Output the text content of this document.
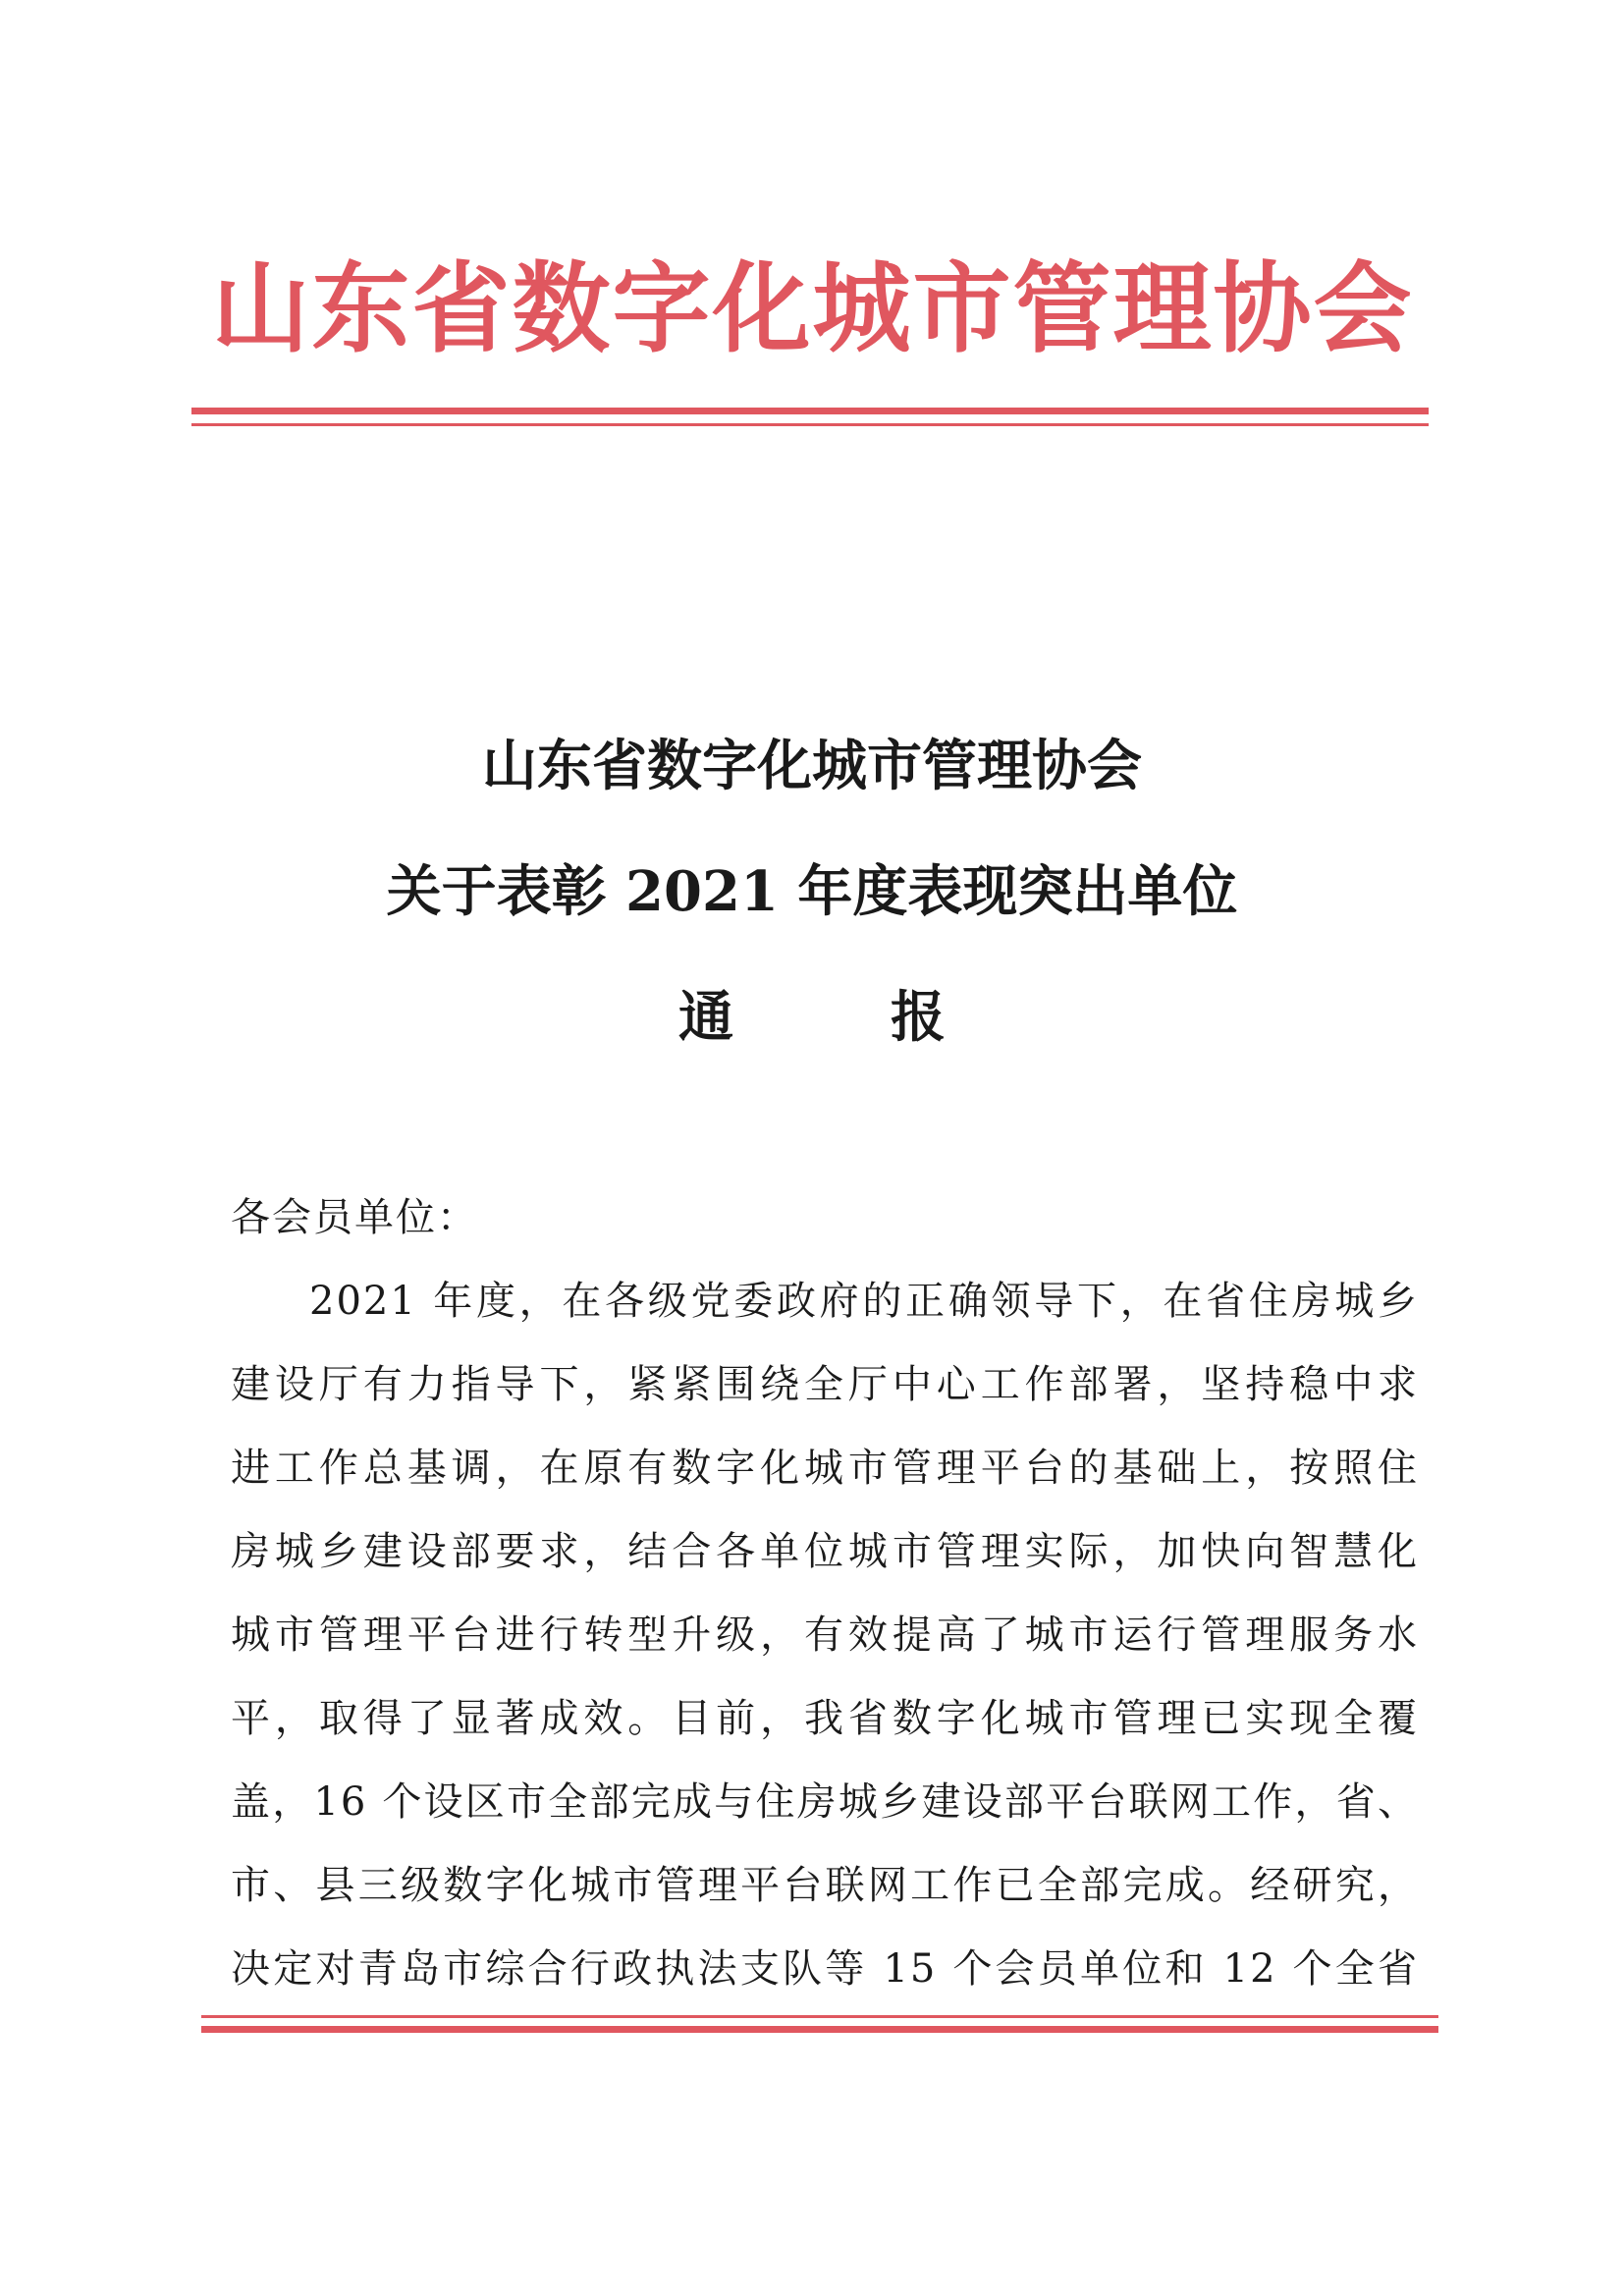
山东省数字化城市管理协会
山东省数字化城市管理协会
关于表彰 2021 年度表现突出单位
通	报
各会员单位：
2021 年度，在各级党委政府的正确领导下，在省住房城乡
建设厅有力指导下，紧紧围绕全厅中心工作部署，坚持稳中求
进工作总基调，在原有数字化城市管理平台的基础上，按照住
房城乡建设部要求，结合各单位城市管理实际，加快向智慧化
城市管理平台进行转型升级，有效提高了城市运行管理服务水
平，取得了显著成效。目前，我省数字化城市管理已实现全覆
盖，16 个设区市全部完成与住房城乡建设部平台联网工作，省、
市、县三级数字化城市管理平台联网工作已全部完成。经研究，
决定对青岛市综合行政执法支队等 15 个会员单位和 12 个全省
